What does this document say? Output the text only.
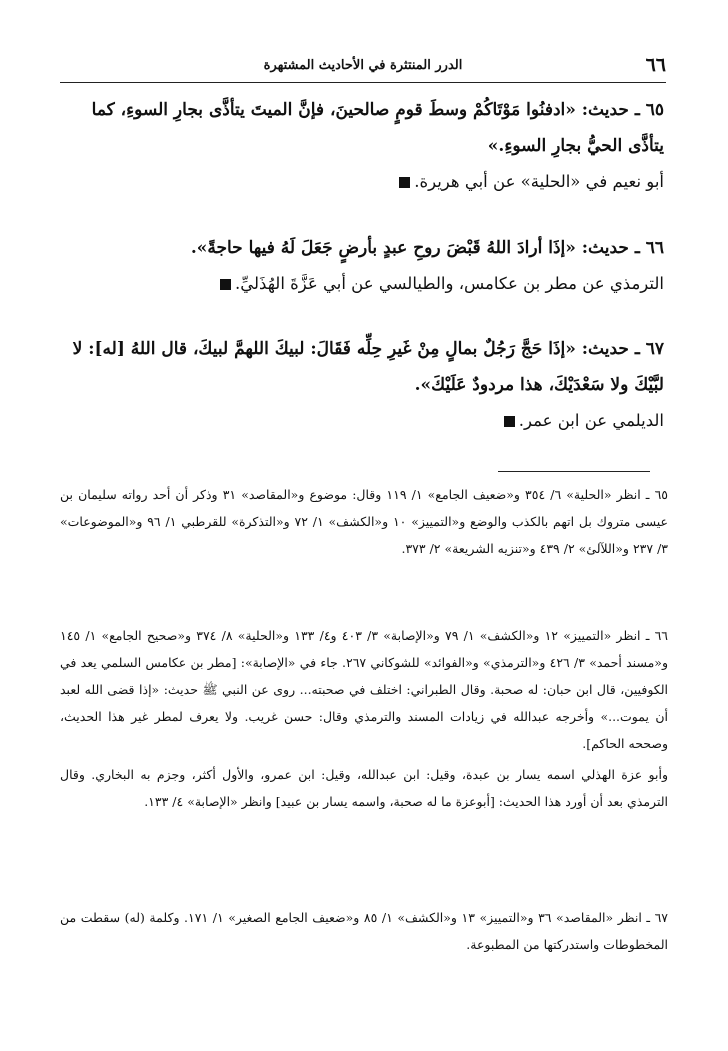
٦٦
الدرر المنتثرة في الأحاديث المشتهرة
٦٥ ـ حديث: «ادفنُوا مَوْتَاكُمْ وسطَ قومٍ صالحينَ، فإنَّ الميتَ يتأذَّى بجارِ السوءِ، كما يتأذَّى الحيُّ بجارِ السوءِ.»
أبو نعيم في «الحلية» عن أبي هريرة.
٦٦ ـ حديث: «إذَا أرادَ اللهُ قَبْضَ روحِ عبدٍ بأرضٍ جَعَلَ لَهُ فيها حاجةً».
الترمذي عن مطر بن عكامس، والطيالسي عن أبي عَزَّةَ الهُذَليِّ.
٦٧ ـ حديث: «إذَا حَجَّ رَجُلٌ بمالٍ مِنْ غَيرِ حِلِّه فَقَالَ: لبيكَ اللهمَّ لبيكَ، قال اللهُ [له]: لا لبَّيْكَ ولا سَعْدَيْكَ، هذا مردودٌ عَلَيْكَ».
الديلمي عن ابن عمر.

٦٥ ـ انظر «الحلية» ٦/ ٣٥٤ و«ضعيف الجامع» ١/ ١١٩ وقال: موضوع و«المقاصد» ٣١ وذكر أن أحد رواته سليمان بن عيسى متروك بل اتهم بالكذب والوضع و«التمييز» ١٠ و«الكشف» ١/ ٧٢ و«التذكرة» للقرطبي ١/ ٩٦ و«الموضوعات» ٣/ ٢٣٧ و«اللآلئ» ٢/ ٤٣٩ و«تنزيه الشريعة» ٢/ ٣٧٣.

٦٦ ـ انظر «التمييز» ١٢ و«الكشف» ١/ ٧٩ و«الإصابة» ٣/ ٤٠٣ و٤/ ١٣٣ و«الحلية» ٨/ ٣٧٤ و«صحيح الجامع» ١/ ١٤٥ و«مسند أحمد» ٣/ ٤٢٦ و«الترمذي» و«الفوائد» للشوكاني ٢٦٧. جاء في «الإصابة»: [مطر بن عكامس السلمي يعد في الكوفيين، قال ابن حبان: له صحبة. وقال الطبراني: اختلف في صحبته... روى عن النبي ﷺ حديث: «إذا قضى الله لعبد أن يموت...» وأخرجه عبدالله في زيادات المسند والترمذي وقال: حسن غريب. ولا يعرف لمطر غير هذا الحديث، وصححه الحاكم].

وأبو عزة الهذلي اسمه يسار بن عبدة، وقيل: ابن عبدالله، وقيل: ابن عمرو، والأول أكثر، وجزم به البخاري. وقال الترمذي بعد أن أورد هذا الحديث: [أبوعزة ما له صحبة، واسمه يسار بن عبيد] وانظر «الإصابة» ٤/ ١٣٣.

٦٧ ـ انظر «المقاصد» ٣٦ و«التمييز» ١٣ و«الكشف» ١/ ٨٥ و«ضعيف الجامع الصغير» ١/ ١٧١. وكلمة (له) سقطت من المخطوطات واستدركتها من المطبوعة.
